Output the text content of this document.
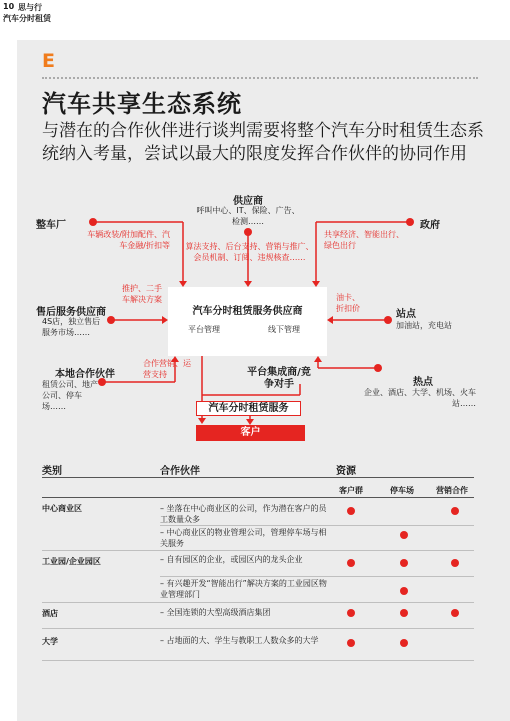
10 思与行
汽车分时租赁
E
汽车共享生态系统
与潜在的合作伙伴进行谈判需要将整个汽车分时租赁生态系统纳入考量，尝试以最大的限度发挥合作伙伴的协同作用
供应商
呼叫中心、IT、保险、广告、检测……
算法支持、后台支持、营销与推广、会员机制、订阅、违规核查……
整车厂
车辆改装/附加配件、汽车金融/折扣等
政府
共享经济、智能出行、绿色出行
售后服务供应商
4S店，独立售后服务市场……
推护、二手车解决方案
站点
加油站，充电站
油卡、折扣价
本地合作伙伴
租赁公司、地产公司、停车场……
合作营销、运营支持
热点
企业、酒店、大学、机场、火车站……
汽车分时租赁服务供应商
平台管理	线下管理
平台集成商/竞争对手
汽车分时租赁服务
客户
类别	合作伙伴	资源
客户群	停车场	营销合作
中心商业区	– 坐落在中心商业区的公司，作为潜在客户的员工数量众多
– 中心商业区的物业管理公司，管理停车场与相关服务
工业园/企业园区	– 自有园区的企业，或园区内的龙头企业
– 有兴趣开发“智能出行”解决方案的工业园区物业管理部门
酒店	– 全国连锁的大型高级酒店集团
大学	– 占地面的大、学生与教职工人数众多的大学
